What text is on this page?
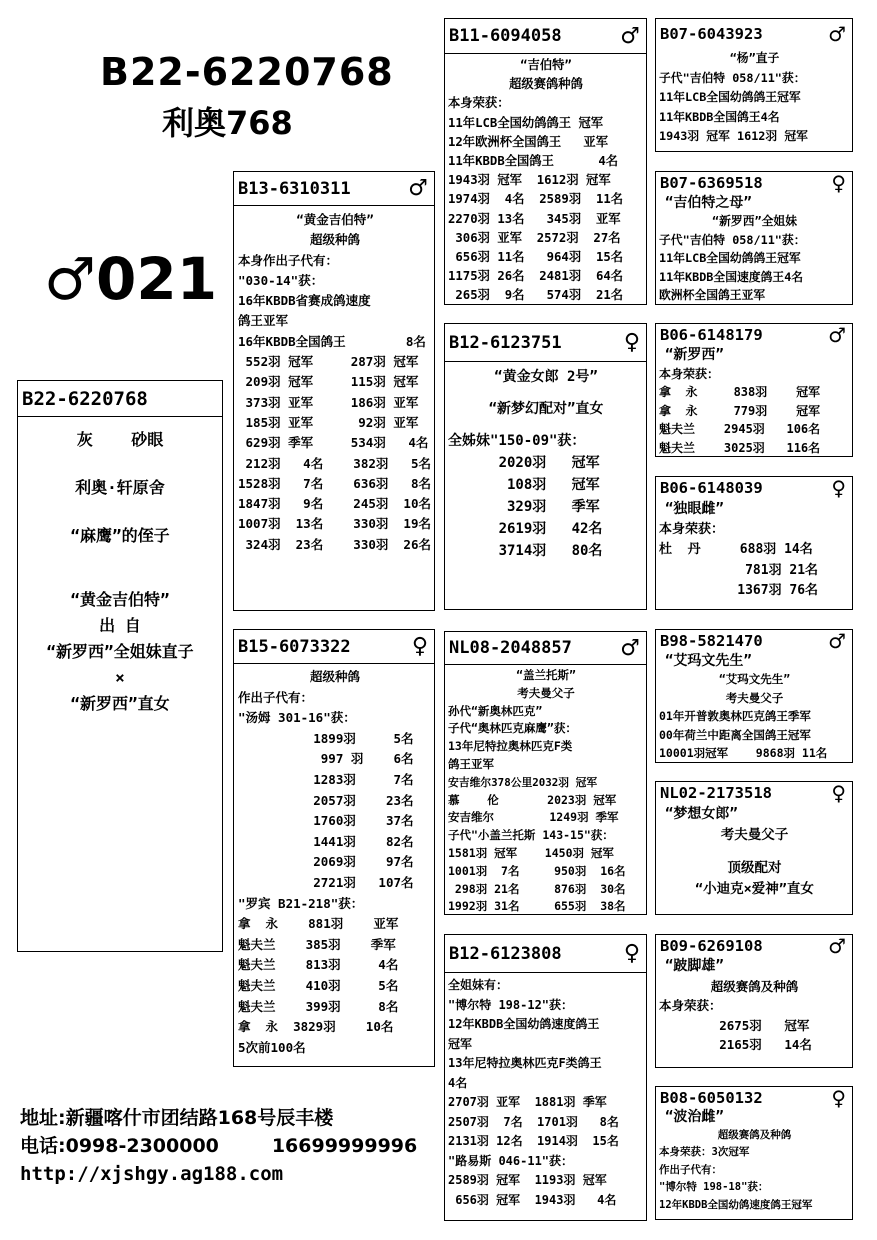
B22-6220768
利奥768
♂021
B22-6220768
灰    砂眼
利奥·轩原舍
“麻鹰”的侄子
“黄金吉伯特”
出 自
“新罗西”全姐妹直子
×
“新罗西”直女
B13-6310311	♂
“黄金吉伯特”
超级种鸽
本身作出子代有：
"030-14"获：
16年KBDB省赛成鸽速度
鸽王亚军
16年KBDB全国鸽王        8名
552羽 冠军     287羽 冠军
209羽 冠军     115羽 冠军
373羽 亚军     186羽 亚军
185羽 亚军      92羽 亚军
629羽 季军     534羽   4名
212羽   4名    382羽   5名
1528羽   7名    636羽   8名
1847羽   9名    245羽  10名
1007羽  13名    330羽  19名
324羽  23名    330羽  26名
B15-6073322	♀
超级种鸽
作出子代有：
"汤姆 301-16"获：
1899羽     5名
997 羽    6名
1283羽     7名
2057羽    23名
1760羽    37名
1441羽    82名
2069羽    97名
2721羽   107名
"罗宾 B21-218"获：
拿  永    881羽    亚军
魁夫兰    385羽    季军
魁夫兰    813羽     4名
魁夫兰    410羽     5名
魁夫兰    399羽     8名
拿  永  3829羽    10名
5次前100名
B11-6094058	♂
“吉伯特”
超级赛鸽种鸽
本身荣获：
11年LCB全国幼鸽鸽王 冠军
12年欧洲杯全国鸽王   亚军
11年KBDB全国鸽王      4名
1943羽 冠军  1612羽 冠军
1974羽  4名  2589羽  11名
2270羽 13名   345羽  亚军
306羽 亚军  2572羽  27名
656羽 11名   964羽  15名
1175羽 26名  2481羽  64名
265羽  9名   574羽  21名
B12-6123751	♀
“黄金女郎 2号”
“新梦幻配对”直女
全姊妹"150-09"获：
2020羽   冠军
108羽   冠军
329羽   季军
2619羽   42名
3714羽   80名
NL08-2048857 ♂
“盖兰托斯”
考夫曼父子
孙代“新奥林匹克”
子代“奥林匹克麻鹰”获：
13年尼特拉奥林匹克F类
鸽王亚军
安吉维尔378公里2032羽 冠军
慕    伦       2023羽 冠军
安吉维尔        1249羽 季军
子代"小盖兰托斯 143-15"获：
1581羽 冠军    1450羽 冠军
1001羽  7名     950羽  16名
298羽 21名     876羽  30名
1992羽 31名     655羽  38名
B12-6123808	♀
全姐妹有：
"博尔特 198-12"获：
12年KBDB全国幼鸽速度鸽王
冠军
13年尼特拉奥林匹克F类鸽王
4名
2707羽 亚军  1881羽 季军
2507羽  7名  1701羽   8名
2131羽 12名  1914羽  15名
"路易斯 046-11"获：
2589羽 冠军  1193羽 冠军
656羽 冠军  1943羽   4名
B07-6043923	♂
“杨”直子
子代"吉伯特 058/11"获：
11年LCB全国幼鸽鸽王冠军
11年KBDB全国鸽王4名
1943羽 冠军 1612羽 冠军
B07-6369518	♀
“吉伯特之母”
“新罗西”全姐妹
子代"吉伯特 058/11"获：
11年LCB全国幼鸽鸽王冠军
11年KBDB全国速度鸽王4名
欧洲杯全国鸽王亚军
B06-6148179	♂
“新罗西”
本身荣获：
拿  永     838羽    冠军
拿  永     779羽    冠军
魁夫兰    2945羽   106名
魁夫兰    3025羽   116名
B06-6148039	♀
“独眼雌”
本身荣获：
杜  丹     688羽 14名
781羽 21名
1367羽 76名
B98-5821470	♂
“艾玛文先生”
“艾玛文先生”
考夫曼父子
01年开普敦奥林匹克鸽王季军
00年荷兰中距离全国鸽王冠军
10001羽冠军    9868羽 11名
NL02-2173518	♀
“梦想女郎”
考夫曼父子
顶级配对
“小迪克×爱神”直女
B09-6269108	♂
“跛脚雄”
超级赛鸽及种鸽
本身荣获：
2675羽   冠军
2165羽   14名
B08-6050132	♀
“波治雌”
超级赛鸽及种鸽
本身荣获：3次冠军
作出子代有：
"博尔特 198-18"获：
12年KBDB全国幼鸽速度鸽王冠军
地址:新疆喀什市团结路168号辰丰楼
电话:0998-2300000        16699999996
http://xjshgy.ag188.com
